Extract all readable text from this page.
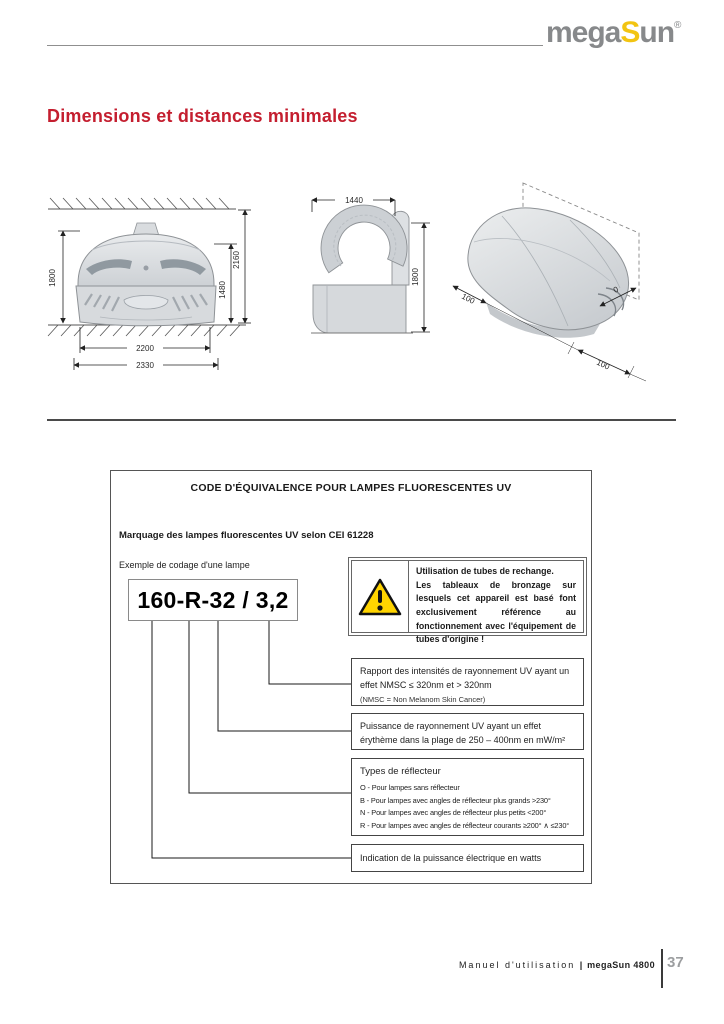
megaSun®
Dimensions et distances minimales
1800
1480
2160
2200
2330
1440
1800
100
0
100
CODE D'ÉQUIVALENCE POUR LAMPES FLUORESCENTES UV
Marquage des lampes fluorescentes UV selon CEI 61228
Exemple de codage d'une lampe
160-R-32 / 3,2
Utilisation de tubes de rechange.
Les tableaux de bronzage sur lesquels cet appareil est basé font exclusivement référence au fonctionnement avec l'équipement de tubes d'origine !
Rapport des intensités de rayonnement UV ayant un effet NMSC ≤ 320nm et > 320nm
(NMSC = Non Melanom Skin Cancer)
Puissance de rayonnement UV ayant un effet érythème dans la plage de 250 – 400nm en mW/m²
Types de réflecteur
O - Pour lampes sans réflecteur
B - Pour lampes avec angles de réflecteur plus grands >230°
N - Pour lampes avec angles de réflecteur plus petits <200°
R - Pour lampes avec angles de réflecteur courants ≥200° ∧ ≤230°
Indication de la puissance électrique en watts
Manuel d'utilisation | megaSun 4800 37
